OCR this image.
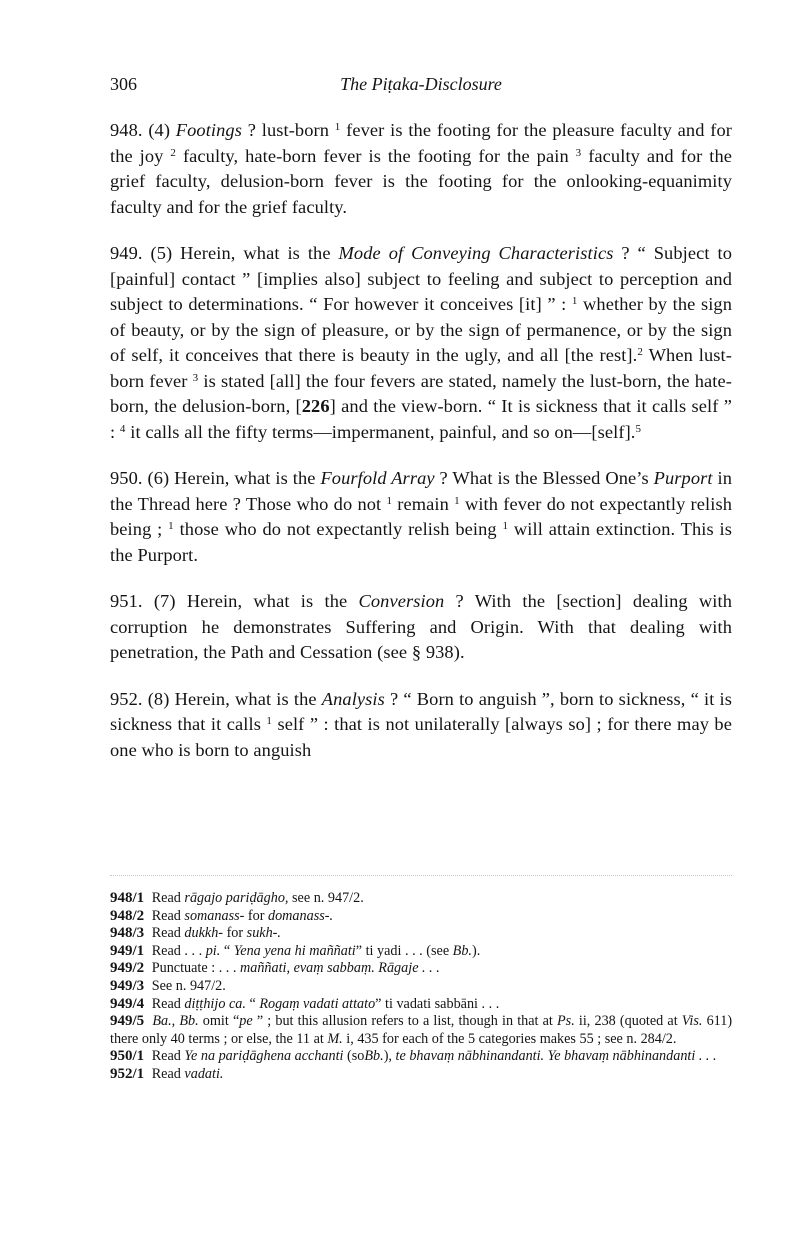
306	The Piṭaka-Disclosure

948. (4) Footings ? lust-born $^1$ fever is the footing for the pleasure faculty and for the joy $^2$ faculty, hate-born fever is the footing for the pain $^3$ faculty and for the grief faculty, delusion-born fever is the footing for the onlooking-equanimity faculty and for the grief faculty.

949. (5) Herein, what is the Mode of Conveying Characteristics ? “ Subject to [painful] contact ” [implies also] subject to feeling and subject to perception and subject to determinations. “ For however it conceives [it] ” : $^1$ whether by the sign of beauty, or by the sign of pleasure, or by the sign of permanence, or by the sign of self, it conceives that there is beauty in the ugly, and all [the rest].$^2$ When lust-born fever $^3$ is stated [all] the four fevers are stated, namely the lust-born, the hate-born, the delusion-born, [226] and the view-born. “ It is sickness that it calls self ” : $^4$ it calls all the fifty terms—impermanent, painful, and so on—[self].$^5$

950. (6) Herein, what is the Fourfold Array ? What is the Blessed One’s Purport in the Thread here ? Those who do not $^1$ remain $^1$ with fever do not expectantly relish being ; $^1$ those who do not expectantly relish being $^1$ will attain extinction. This is the Purport.

951. (7) Herein, what is the Conversion ? With the [section] dealing with corruption he demonstrates Suffering and Origin. With that dealing with penetration, the Path and Cessation (see § 938).

952. (8) Herein, what is the Analysis ? “ Born to anguish ”, born to sickness, “ it is sickness that it calls $^1$ self ” : that is not unilaterally [always so] ; for there may be one who is born to anguish

948/1 Read rāgajo pariḍāgho, see n. 947/2.

948/2 Read somanass- for domanass-.

948/3 Read dukkh- for sukh-.

949/1 Read . . . pi. “ Yena yena hi maññati” ti yadi . . . (see Bb.).

949/2 Punctuate : . . . maññati, evaṃ sabbaṃ. Rāgaje . . .

949/3 See n. 947/2.

949/4 Read diṭṭhijo ca. “ Rogaṃ vadati attato” ti vadati sabbāni . . .

949/5 Ba., Bb. omit “pe ” ; but this allusion refers to a list, though in that at Ps. ii, 238 (quoted at Vis. 611) there only 40 terms ; or else, the 11 at M. i, 435 for each of the 5 categories makes 55 ; see n. 284/2.

950/1 Read Ye na pariḍāghena acchanti (soBb.), te bhavaṃ nābhinandanti. Ye bhavaṃ nābhinandanti . . .

952/1 Read vadati.
